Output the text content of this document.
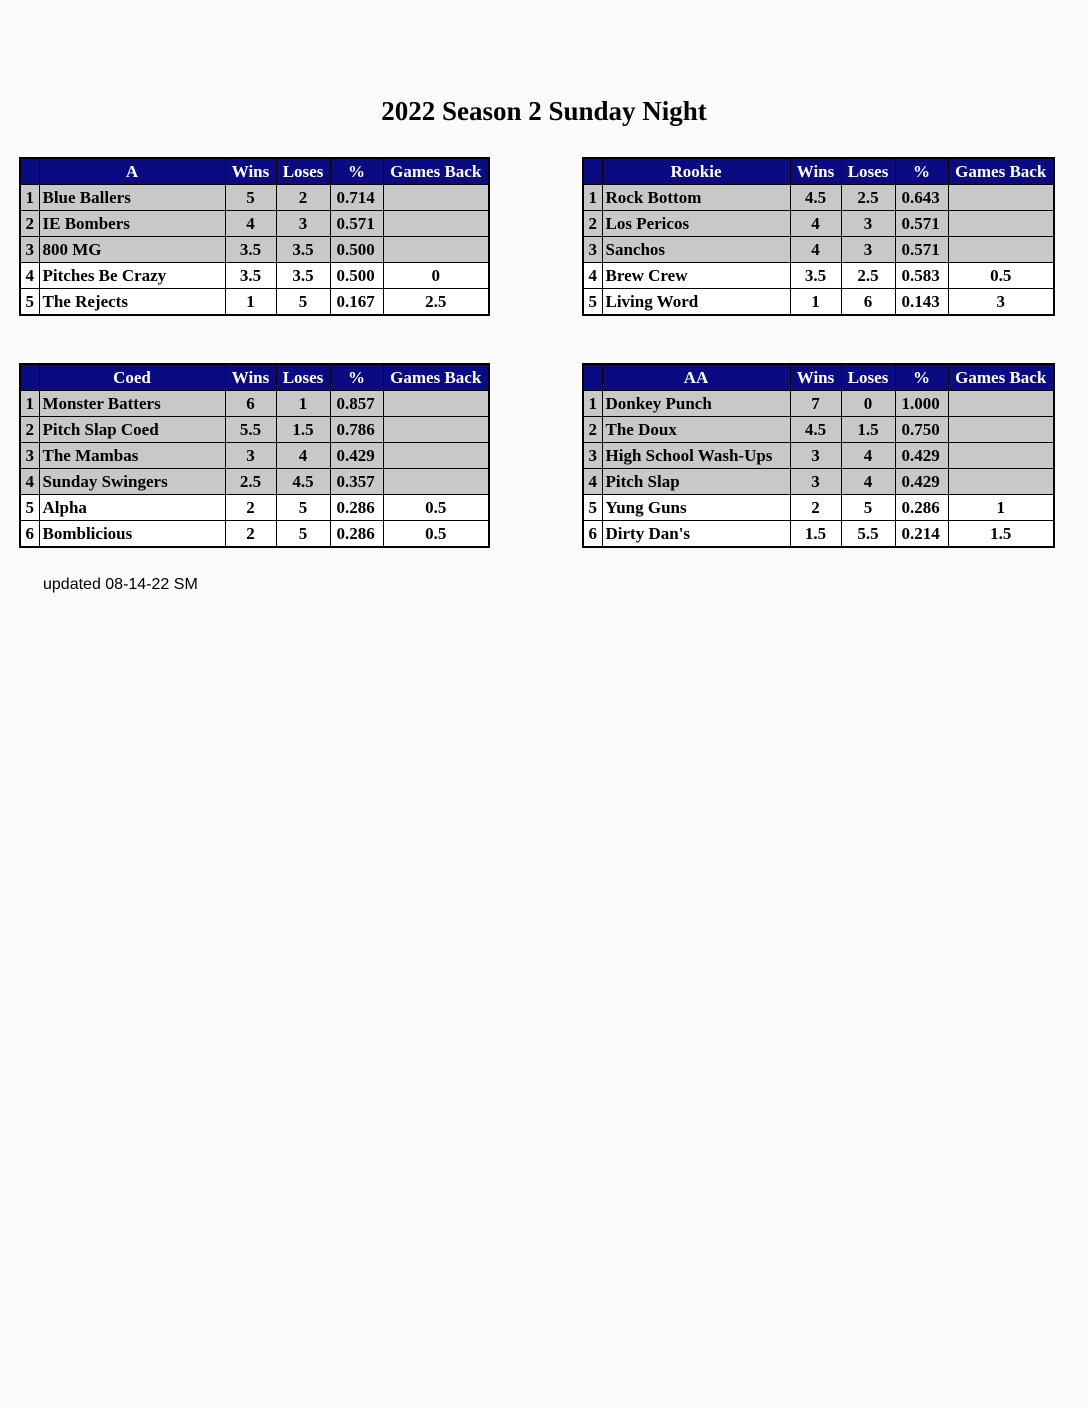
2022 Season 2 Sunday Night
	A	Wins	Loses	%	Games Back
1	Blue Ballers	5	2	0.714	
2	IE Bombers	4	3	0.571	
3	800 MG	3.5	3.5	0.500	
4	Pitches Be Crazy	3.5	3.5	0.500	0
5	The Rejects	1	5	0.167	2.5
	Rookie	Wins	Loses	%	Games Back
1	Rock Bottom	4.5	2.5	0.643	
2	Los Pericos	4	3	0.571	
3	Sanchos	4	3	0.571	
4	Brew Crew	3.5	2.5	0.583	0.5
5	Living Word	1	6	0.143	3
	Coed	Wins	Loses	%	Games Back
1	Monster Batters	6	1	0.857	
2	Pitch Slap Coed	5.5	1.5	0.786	
3	The Mambas	3	4	0.429	
4	Sunday Swingers	2.5	4.5	0.357	
5	Alpha	2	5	0.286	0.5
6	Bomblicious	2	5	0.286	0.5
	AA	Wins	Loses	%	Games Back
1	Donkey Punch	7	0	1.000	
2	The Doux	4.5	1.5	0.750	
3	High School Wash-Ups	3	4	0.429	
4	Pitch Slap	3	4	0.429	
5	Yung Guns	2	5	0.286	1
6	Dirty Dan's	1.5	5.5	0.214	1.5
updated 08-14-22 SM
